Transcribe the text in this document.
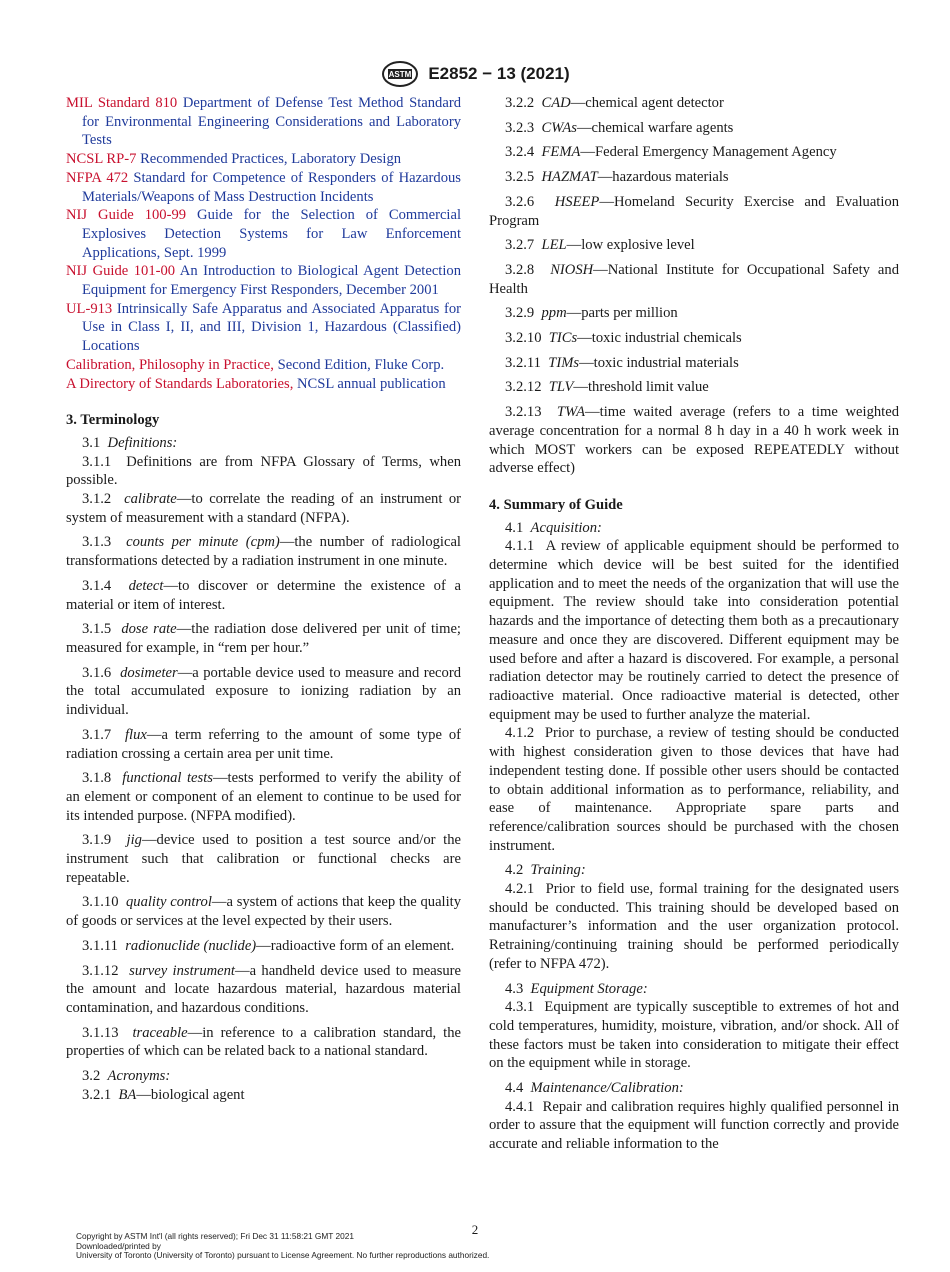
ASTM E2852 − 13 (2021)
MIL Standard 810 Department of Defense Test Method Standard for Environmental Engineering Considerations and Laboratory Tests
NCSL RP-7 Recommended Practices, Laboratory Design
NFPA 472 Standard for Competence of Responders of Hazardous Materials/Weapons of Mass Destruction Incidents
NIJ Guide 100-99 Guide for the Selection of Commercial Explosives Detection Systems for Law Enforcement Applications, Sept. 1999
NIJ Guide 101-00 An Introduction to Biological Agent Detection Equipment for Emergency First Responders, December 2001
UL-913 Intrinsically Safe Apparatus and Associated Apparatus for Use in Class I, II, and III, Division 1, Hazardous (Classified) Locations
Calibration, Philosophy in Practice, Second Edition, Fluke Corp.
A Directory of Standards Laboratories, NCSL annual publication
3. Terminology
3.1 Definitions:
3.1.1 Definitions are from NFPA Glossary of Terms, when possible.
3.1.2 calibrate—to correlate the reading of an instrument or system of measurement with a standard (NFPA).
3.1.3 counts per minute (cpm)—the number of radiological transformations detected by a radiation instrument in one minute.
3.1.4 detect—to discover or determine the existence of a material or item of interest.
3.1.5 dose rate—the radiation dose delivered per unit of time; measured for example, in “rem per hour.”
3.1.6 dosimeter—a portable device used to measure and record the total accumulated exposure to ionizing radiation by an individual.
3.1.7 flux—a term referring to the amount of some type of radiation crossing a certain area per unit time.
3.1.8 functional tests—tests performed to verify the ability of an element or component of an element to continue to be used for its intended purpose. (NFPA modified).
3.1.9 jig—device used to position a test source and/or the instrument such that calibration or functional checks are repeatable.
3.1.10 quality control—a system of actions that keep the quality of goods or services at the level expected by their users.
3.1.11 radionuclide (nuclide)—radioactive form of an element.
3.1.12 survey instrument—a handheld device used to measure the amount and locate hazardous material, hazardous material contamination, and hazardous conditions.
3.1.13 traceable—in reference to a calibration standard, the properties of which can be related back to a national standard.
3.2 Acronyms:
3.2.1 BA—biological agent
3.2.2 CAD—chemical agent detector
3.2.3 CWAs—chemical warfare agents
3.2.4 FEMA—Federal Emergency Management Agency
3.2.5 HAZMAT—hazardous materials
3.2.6 HSEEP—Homeland Security Exercise and Evaluation Program
3.2.7 LEL—low explosive level
3.2.8 NIOSH—National Institute for Occupational Safety and Health
3.2.9 ppm—parts per million
3.2.10 TICs—toxic industrial chemicals
3.2.11 TIMs—toxic industrial materials
3.2.12 TLV—threshold limit value
3.2.13 TWA—time waited average (refers to a time weighted average concentration for a normal 8 h day in a 40 h work week in which MOST workers can be exposed REPEATEDLY without adverse effect)
4. Summary of Guide
4.1 Acquisition:
4.1.1 A review of applicable equipment should be performed to determine which device will be best suited for the identified application and to meet the needs of the organization that will use the equipment. The review should take into consideration potential hazards and the importance of detecting them both as a precautionary measure and once they are discovered. Different equipment may be used before and after a hazard is discovered. For example, a personal radiation detector may be routinely carried to detect the presence of radioactive material. Once radioactive material is detected, other equipment may be used to further analyze the material.
4.1.2 Prior to purchase, a review of testing should be conducted with highest consideration given to those devices that have had independent testing done. If possible other users should be contacted to obtain additional information as to performance, reliability, and ease of maintenance. Appropriate spare parts and reference/calibration sources should be purchased with the chosen instrument.
4.2 Training:
4.2.1 Prior to field use, formal training for the designated users should be conducted. This training should be developed based on manufacturer’s information and the user organization protocol. Retraining/continuing training should be performed periodically (refer to NFPA 472).
4.3 Equipment Storage:
4.3.1 Equipment are typically susceptible to extremes of hot and cold temperatures, humidity, moisture, vibration, and/or shock. All of these factors must be taken into consideration to mitigate their effect on the equipment while in storage.
4.4 Maintenance/Calibration:
4.4.1 Repair and calibration requires highly qualified personnel in order to assure that the equipment will function correctly and provide accurate and reliable information to the
2
Copyright by ASTM Int'l (all rights reserved); Fri Dec 31 11:58:21 GMT 2021
Downloaded/printed by
University of Toronto (University of Toronto) pursuant to License Agreement. No further reproductions authorized.
